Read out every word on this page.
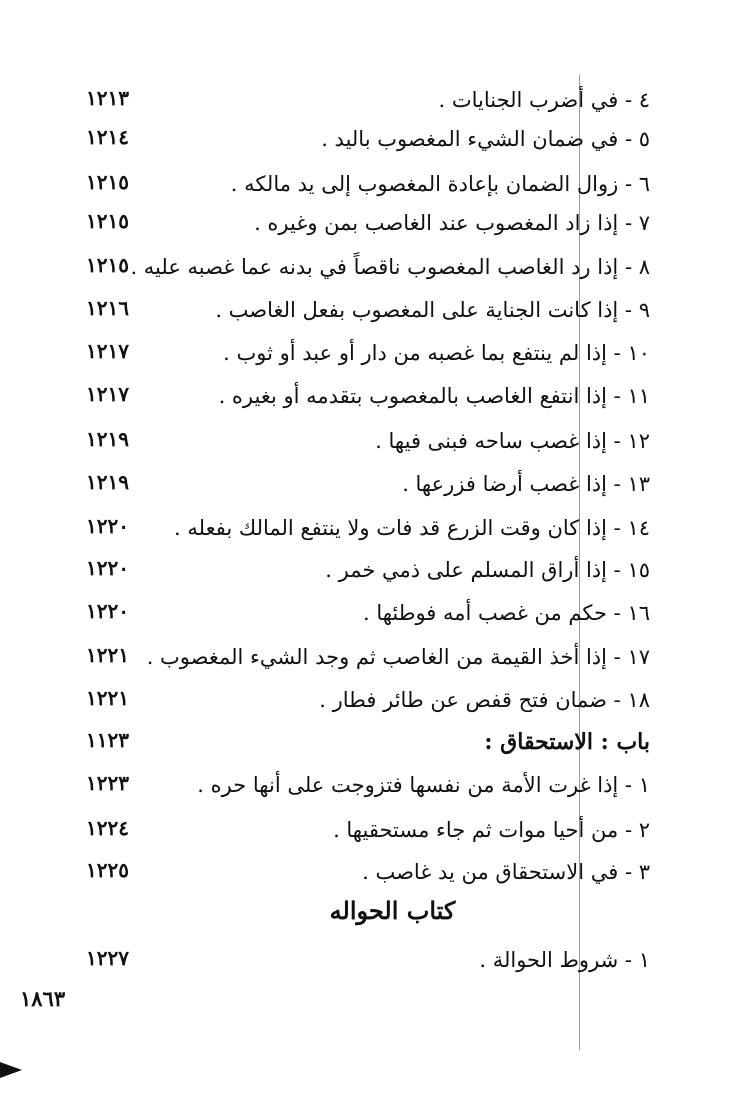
٤ - في أضرب الجنايات .
١٢١٣
٥ - في ضمان الشيء المغصوب باليد .
١٢١٤
٦ - زوال الضمان بإعادة المغصوب إلى يد مالكه .
١٢١٥
٧ - إذا زاد المغصوب عند الغاصب بمن وغيره .
١٢١٥
٨ - إذا رد الغاصب المغصوب ناقصاً في بدنه عما غصبه عليه .
١٢١٥
٩ - إذا كانت الجناية على المغصوب بفعل الغاصب .
١٢١٦
١٠ - إذا لم ينتفع بما غصبه من دار أو عبد أو ثوب .
١٢١٧
١١ - إذا انتفع الغاصب بالمغصوب بتقدمه أو بغيره .
١٢١٧
١٢ - إذا غصب ساحه فبنى فيها .
١٢١٩
١٣ - إذا غصب أرضا فزرعها .
١٢١٩
١٤ - إذا كان وقت الزرع قد فات ولا ينتفع المالك بفعله .
١٢٢٠
١٥ - إذا أراق المسلم على ذمي خمر .
١٢٢٠
١٦ - حكم من غصب أمه فوطئها .
١٢٢٠
١٧ - إذا أخذ القيمة من الغاصب ثم وجد الشيء المغصوب .
١٢٢١
١٨ - ضمان فتح قفص عن طائر فطار .
١٢٢١
باب : الاستحقاق :
١١٢٣
١ - إذا غرت الأمة من نفسها فتزوجت على أنها حره .
١٢٢٣
٢ - من أحيا موات ثم جاء مستحقيها .
١٢٢٤
٣ - في الاستحقاق من يد غاصب .
١٢٢٥
كتاب الحواله
١ - شروط الحوالة .
١٢٢٧
١٨٦٣
